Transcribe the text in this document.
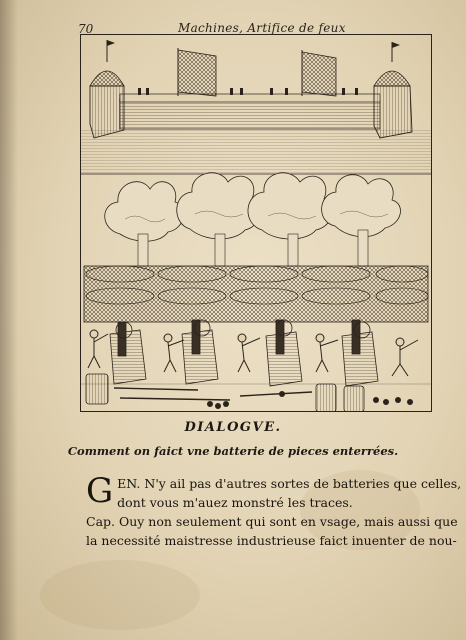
70	Machines, Artifice de feux
DIALOGVE.
Comment on faict vne batterie de pieces enterrées.
G EN. N'y ail pas d'autres sortes de batteries que celles,
dont vous m'auez monstré les traces.
Cap. Ouy non seulement qui sont en vsage, mais aussi que
la necessité maistresse industrieuse faict inuenter de nou-
